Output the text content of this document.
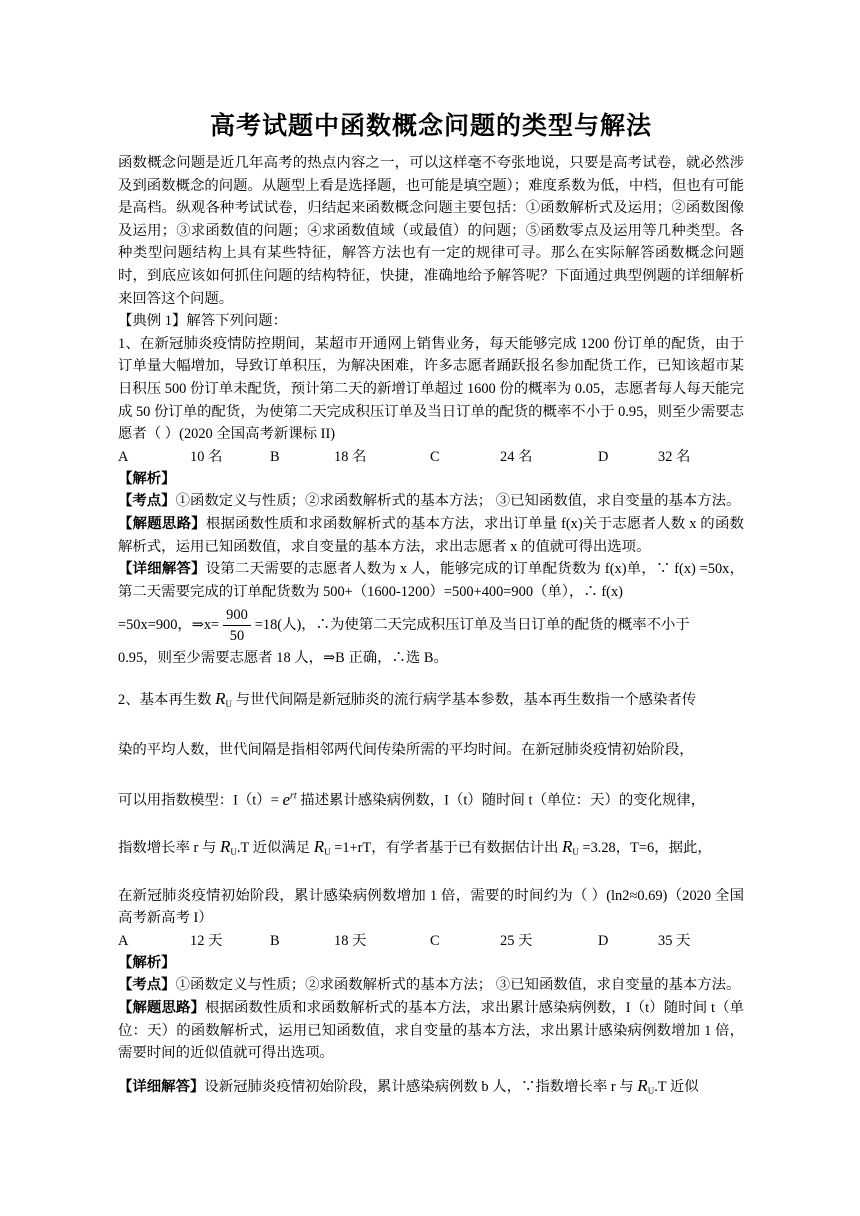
高考试题中函数概念问题的类型与解法

函数概念问题是近几年高考的热点内容之一，可以这样毫不夸张地说，只要是高考试卷，就必然涉及到函数概念的问题。从题型上看是选择题，也可能是填空题）；难度系数为低，中档，但也有可能是高档。纵观各种考试试卷，归结起来函数概念问题主要包括：①函数解析式及运用；②函数图像及运用；③求函数值的问题；④求函数值域（或最值）的问题；⑤函数零点及运用等几种类型。各种类型问题结构上具有某些特征，解答方法也有一定的规律可寻。那么在实际解答函数概念问题时，到底应该如何抓住问题的结构特征，快捷，准确地给予解答呢？下面通过典型例题的详细解析来回答这个问题。

【典例 1】解答下列问题：

1、在新冠肺炎疫情防控期间，某超市开通网上销售业务，每天能够完成 1200 份订单的配货，由于订单量大幅增加，导致订单积压，为解决困难，许多志愿者踊跃报名参加配货工作，已知该超市某日积压 500 份订单未配货，预计第二天的新增订单超过 1600 份的概率为 0.05，志愿者每人每天能完成 50 份订单的配货，为使第二天完成积压订单及当日订单的配货的概率不小于 0.95，则至少需要志愿者（ ）(2020 全国高考新课标 II)

A	10 名	B	18 名	C	24 名	D	32 名

【解析】

【考点】①函数定义与性质；②求函数解析式的基本方法； ③已知函数值，求自变量的基本方法。

【解题思路】根据函数性质和求函数解析式的基本方法，求出订单量 f(x)关于志愿者人数 x 的函数解析式，运用已知函数值，求自变量的基本方法，求出志愿者 x 的值就可得出选项。

【详细解答】设第二天需要的志愿者人数为 x 人，能够完成的订单配货数为 f(x)单，∵ f(x) =50x，第二天需要完成的订单配货数为 500+（1600-1200）=500+400=900（单），∴ f(x)

=50x=900，⇒x= $\frac{900}{50} =18$(人)，∴为使第二天完成积压订单及当日订单的配货的概率不小于

0.95，则至少需要志愿者 18 人，⇒B 正确，∴选 B。

2、基本再生数 $R_U$ 与世代间隔是新冠肺炎的流行病学基本参数，基本再生数指一个感染者传

染的平均人数，世代间隔是指相邻两代间传染所需的平均时间。在新冠肺炎疫情初始阶段，

可以用指数模型：$I(t)= e^{rt}$ 描述累计感染病例数，I（t）随时间 t（单位：天）的变化规律，

指数增长率 r 与 $R_U.T$ 近似满足 $R_U =1+rT$，有学者基于已有数据估计出 $R_U =3.28$，T=6，据此，

在新冠肺炎疫情初始阶段，累计感染病例数增加 1 倍，需要的时间约为（ ）(ln2≈0.69)（2020 全国高考新高考 I）

A	12 天	B	18 天	C	25 天	D	35 天

【解析】

【考点】①函数定义与性质；②求函数解析式的基本方法； ③已知函数值，求自变量的基本方法。

【解题思路】根据函数性质和求函数解析式的基本方法，求出累计感染病例数，I（t）随时间 t（单位：天）的函数解析式，运用已知函数值，求自变量的基本方法，求出累计感染病例数增加 1 倍，需要时间的近似值就可得出选项。

【详细解答】设新冠肺炎疫情初始阶段，累计感染病例数 b 人，∵指数增长率 r 与 $R_U.T$ 近似
